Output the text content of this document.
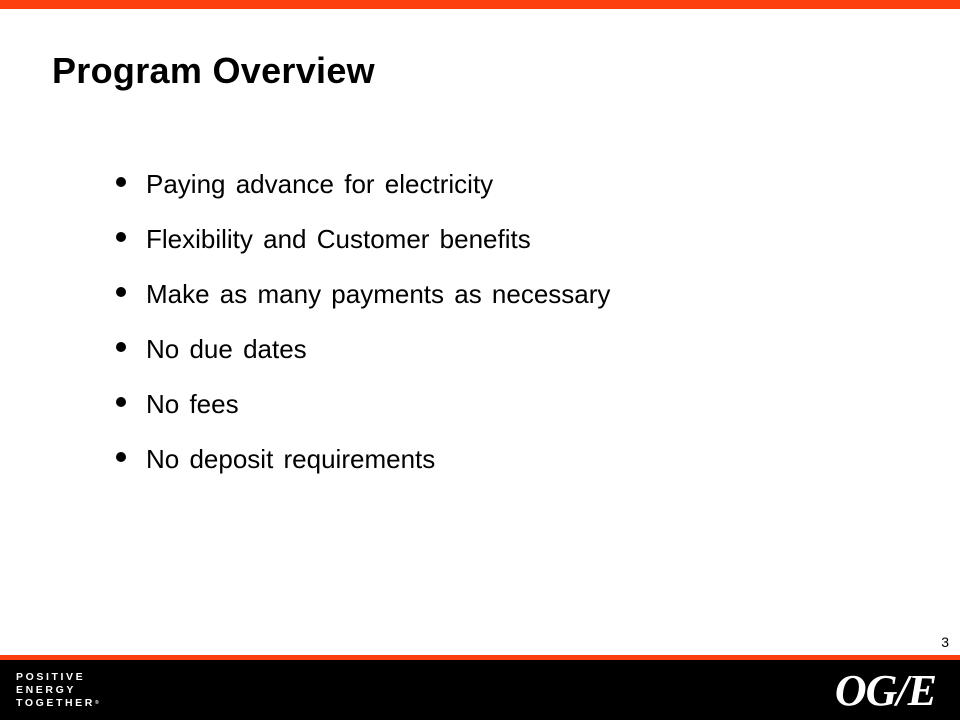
Program Overview
Paying advance for electricity
Flexibility and Customer benefits
Make as many payments as necessary
No due dates
No fees
No deposit requirements
3
POSITIVE
ENERGY
TOGETHER®	OG/E
